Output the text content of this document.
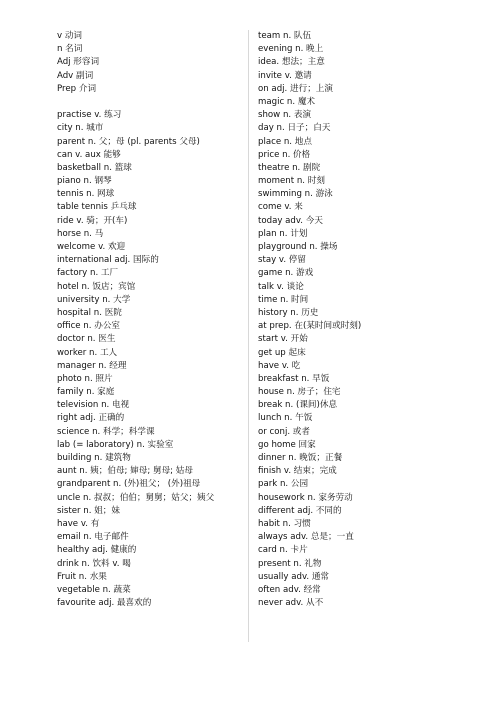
v 动词
n 名词
Adj 形容词
Adv 副词
Prep 介词
practise v. 练习
city n. 城市
parent n. 父；母 (pl. parents 父母)
can v. aux 能够
basketball n. 篮球
piano n. 钢琴
tennis n. 网球
table tennis 乒乓球
ride v. 骑；开(车)
horse n. 马
welcome v. 欢迎
international adj. 国际的
factory n. 工厂
hotel n. 饭店；宾馆
university n. 大学
hospital n. 医院
office n. 办公室
doctor n. 医生
worker n. 工人
manager n. 经理
photo n. 照片
family n. 家庭
television n. 电视
right adj. 正确的
science n. 科学；科学课
lab (= laboratory) n. 实验室
building n. 建筑物
aunt n. 姨；伯母; 婶母; 舅母; 姑母
grandparent n. (外)祖父； (外)祖母
uncle n. 叔叔；伯伯；舅舅；姑父；姨父
sister n. 姐；妹
have v. 有
email n. 电子邮件
healthy adj. 健康的
drink n. 饮料 v. 喝
Fruit n. 水果
vegetable n. 蔬菜
favourite adj. 最喜欢的
team n. 队伍
evening n. 晚上
idea. 想法；主意
invite v. 邀请
on adj. 进行；上演
magic n. 魔术
show n. 表演
day n. 日子；白天
place n. 地点
price n. 价格
theatre n. 剧院
moment n. 时刻
swimming n. 游泳
come v. 来
today adv. 今天
plan n. 计划
playground n. 操场
stay v. 停留
game n. 游戏
talk v. 谈论
time n. 时间
history n. 历史
at prep. 在(某时间或时刻)
start v. 开始
get up 起床
have v. 吃
breakfast n. 早饭
house n. 房子；住宅
break n. (课间)休息
lunch n. 午饭
or conj. 或者
go home 回家
dinner n. 晚饭；正餐
finish v. 结束；完成
park n. 公园
housework n. 家务劳动
different adj. 不同的
habit n. 习惯
always adv. 总是；一直
card n. 卡片
present n. 礼物
usually adv. 通常
often adv. 经常
never adv. 从不
